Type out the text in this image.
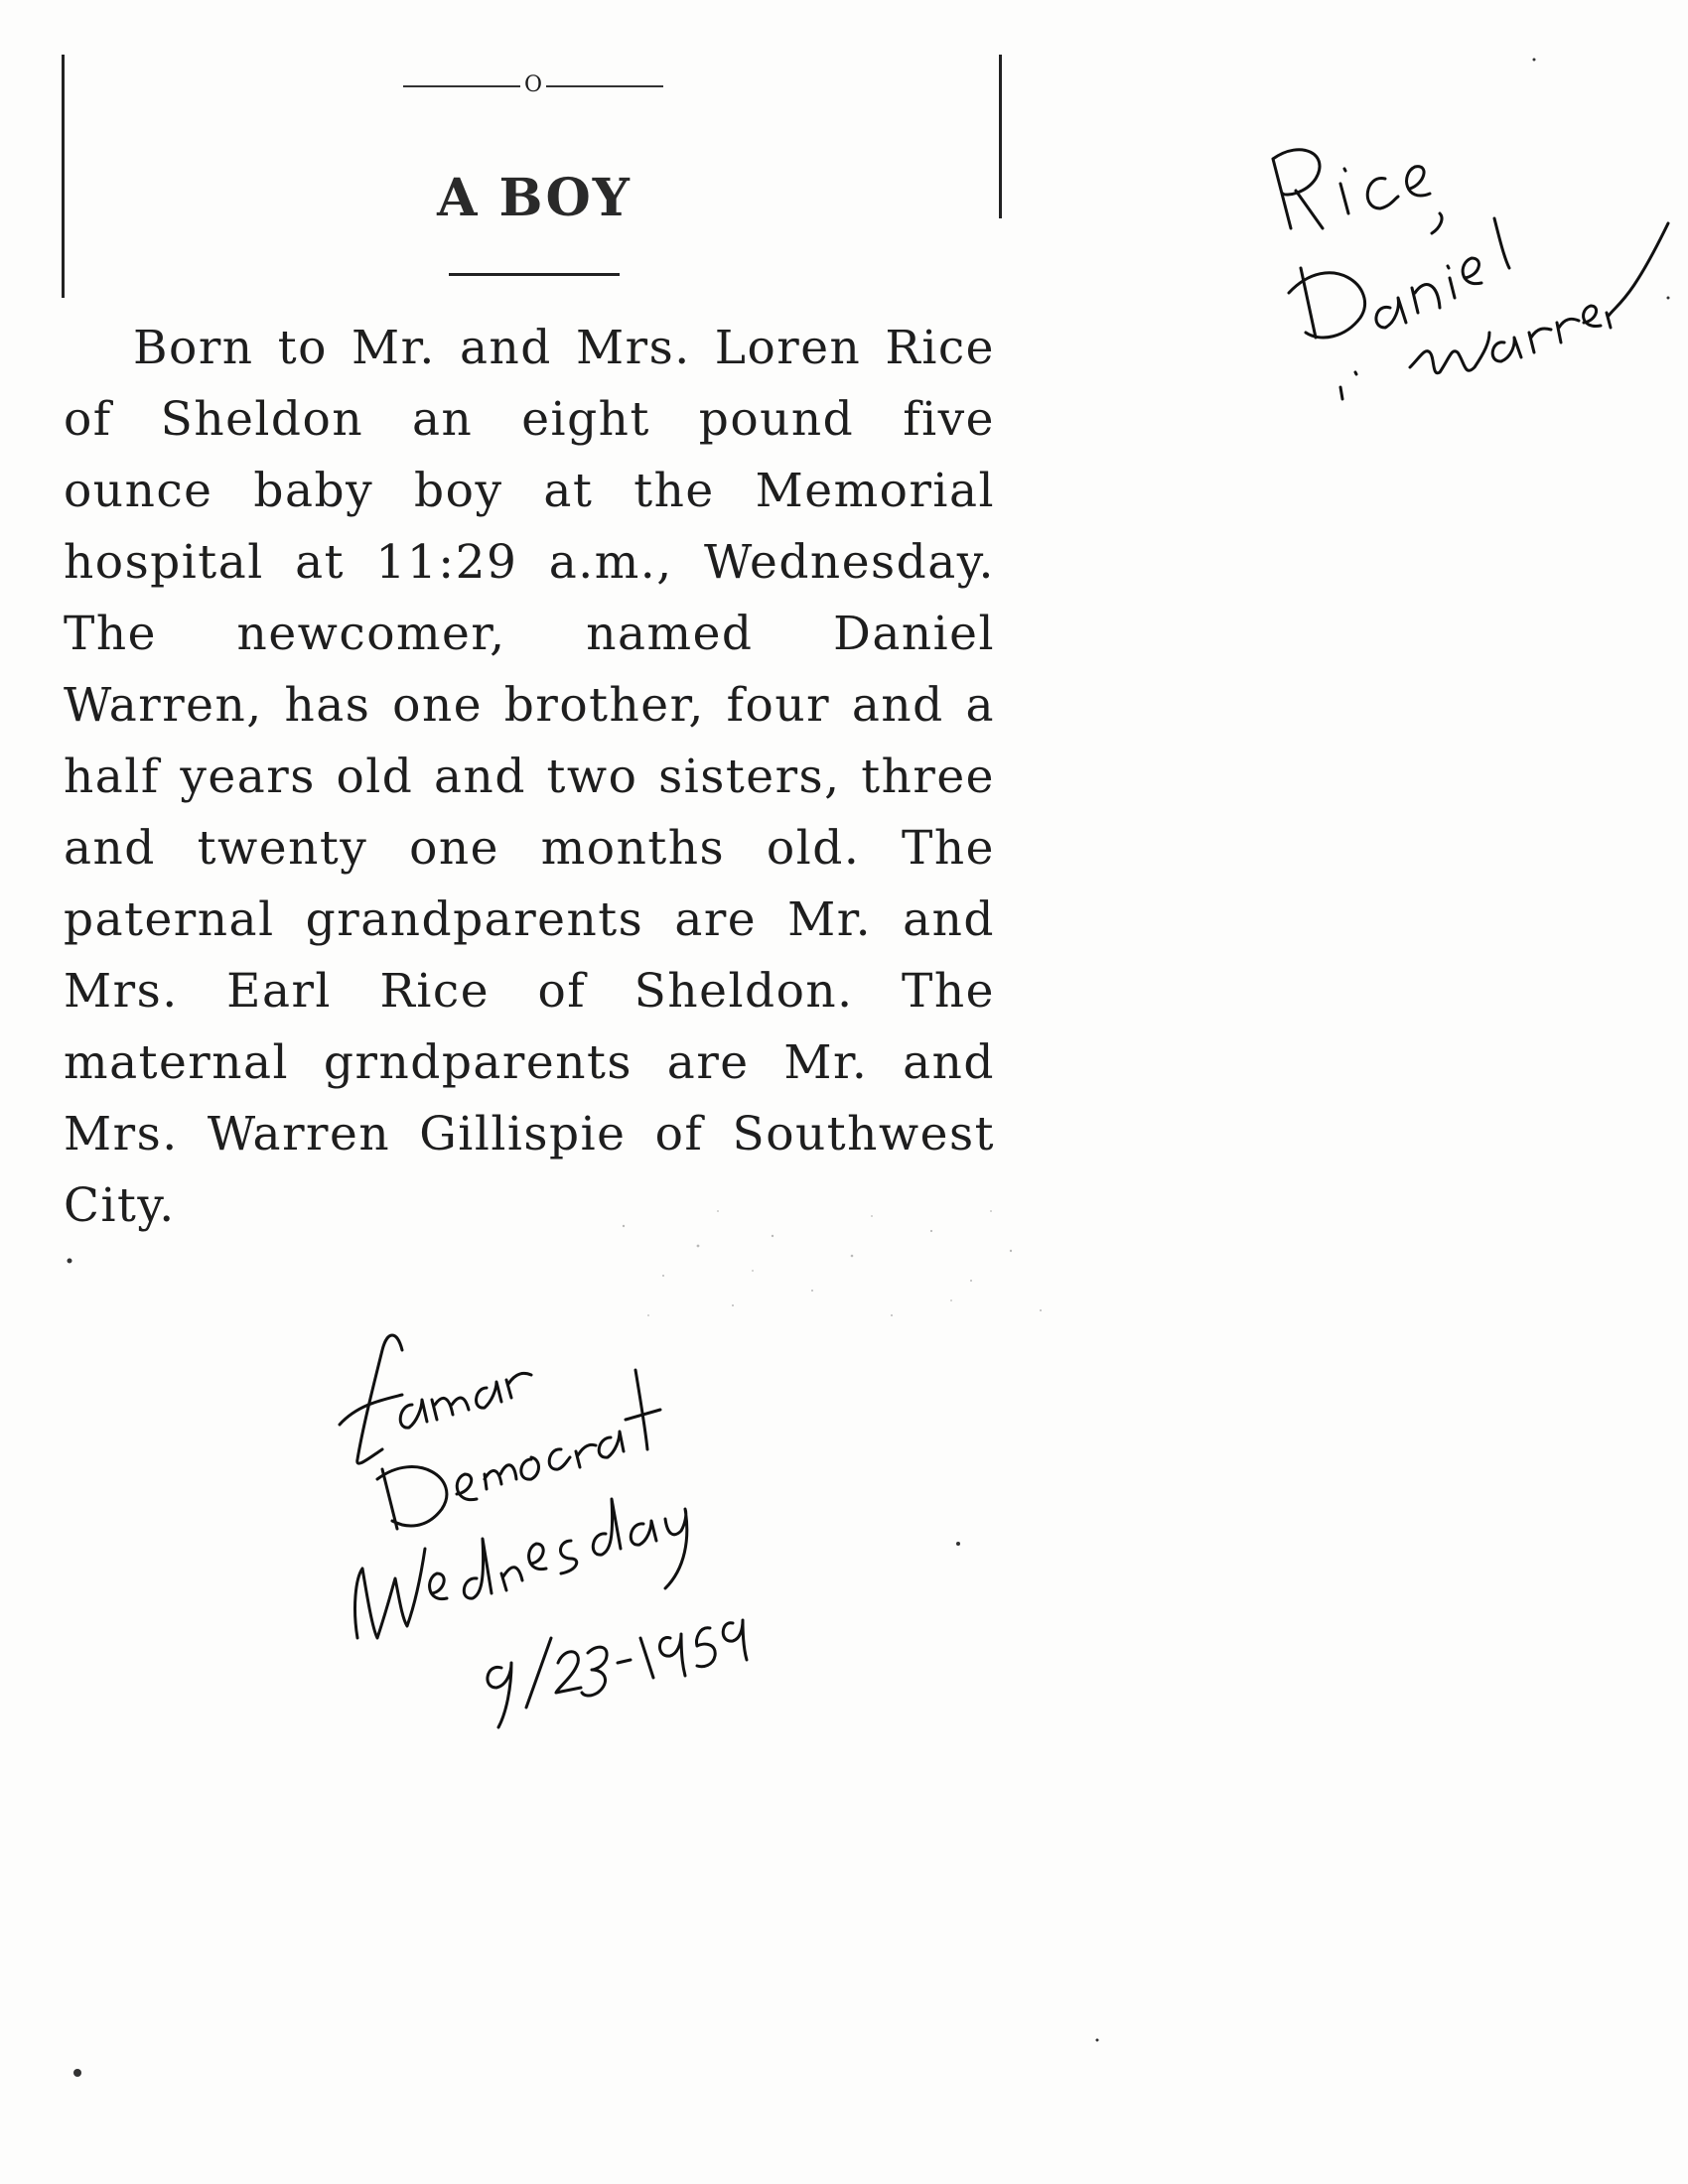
O
A BOY
Born to Mr. and Mrs. Loren Rice of Sheldon an eight pound five ounce baby boy at the Memorial hospital at 11:29 a.m., Wednesday. The newcomer, named Daniel Warren, has one brother, four and a half years old and two sisters, three and twenty one months old. The paternal grandparents are Mr. and Mrs. Earl Rice of Sheldon. The maternal grndparents are Mr. and Mrs. Warren Gillispie of Southwest City.
